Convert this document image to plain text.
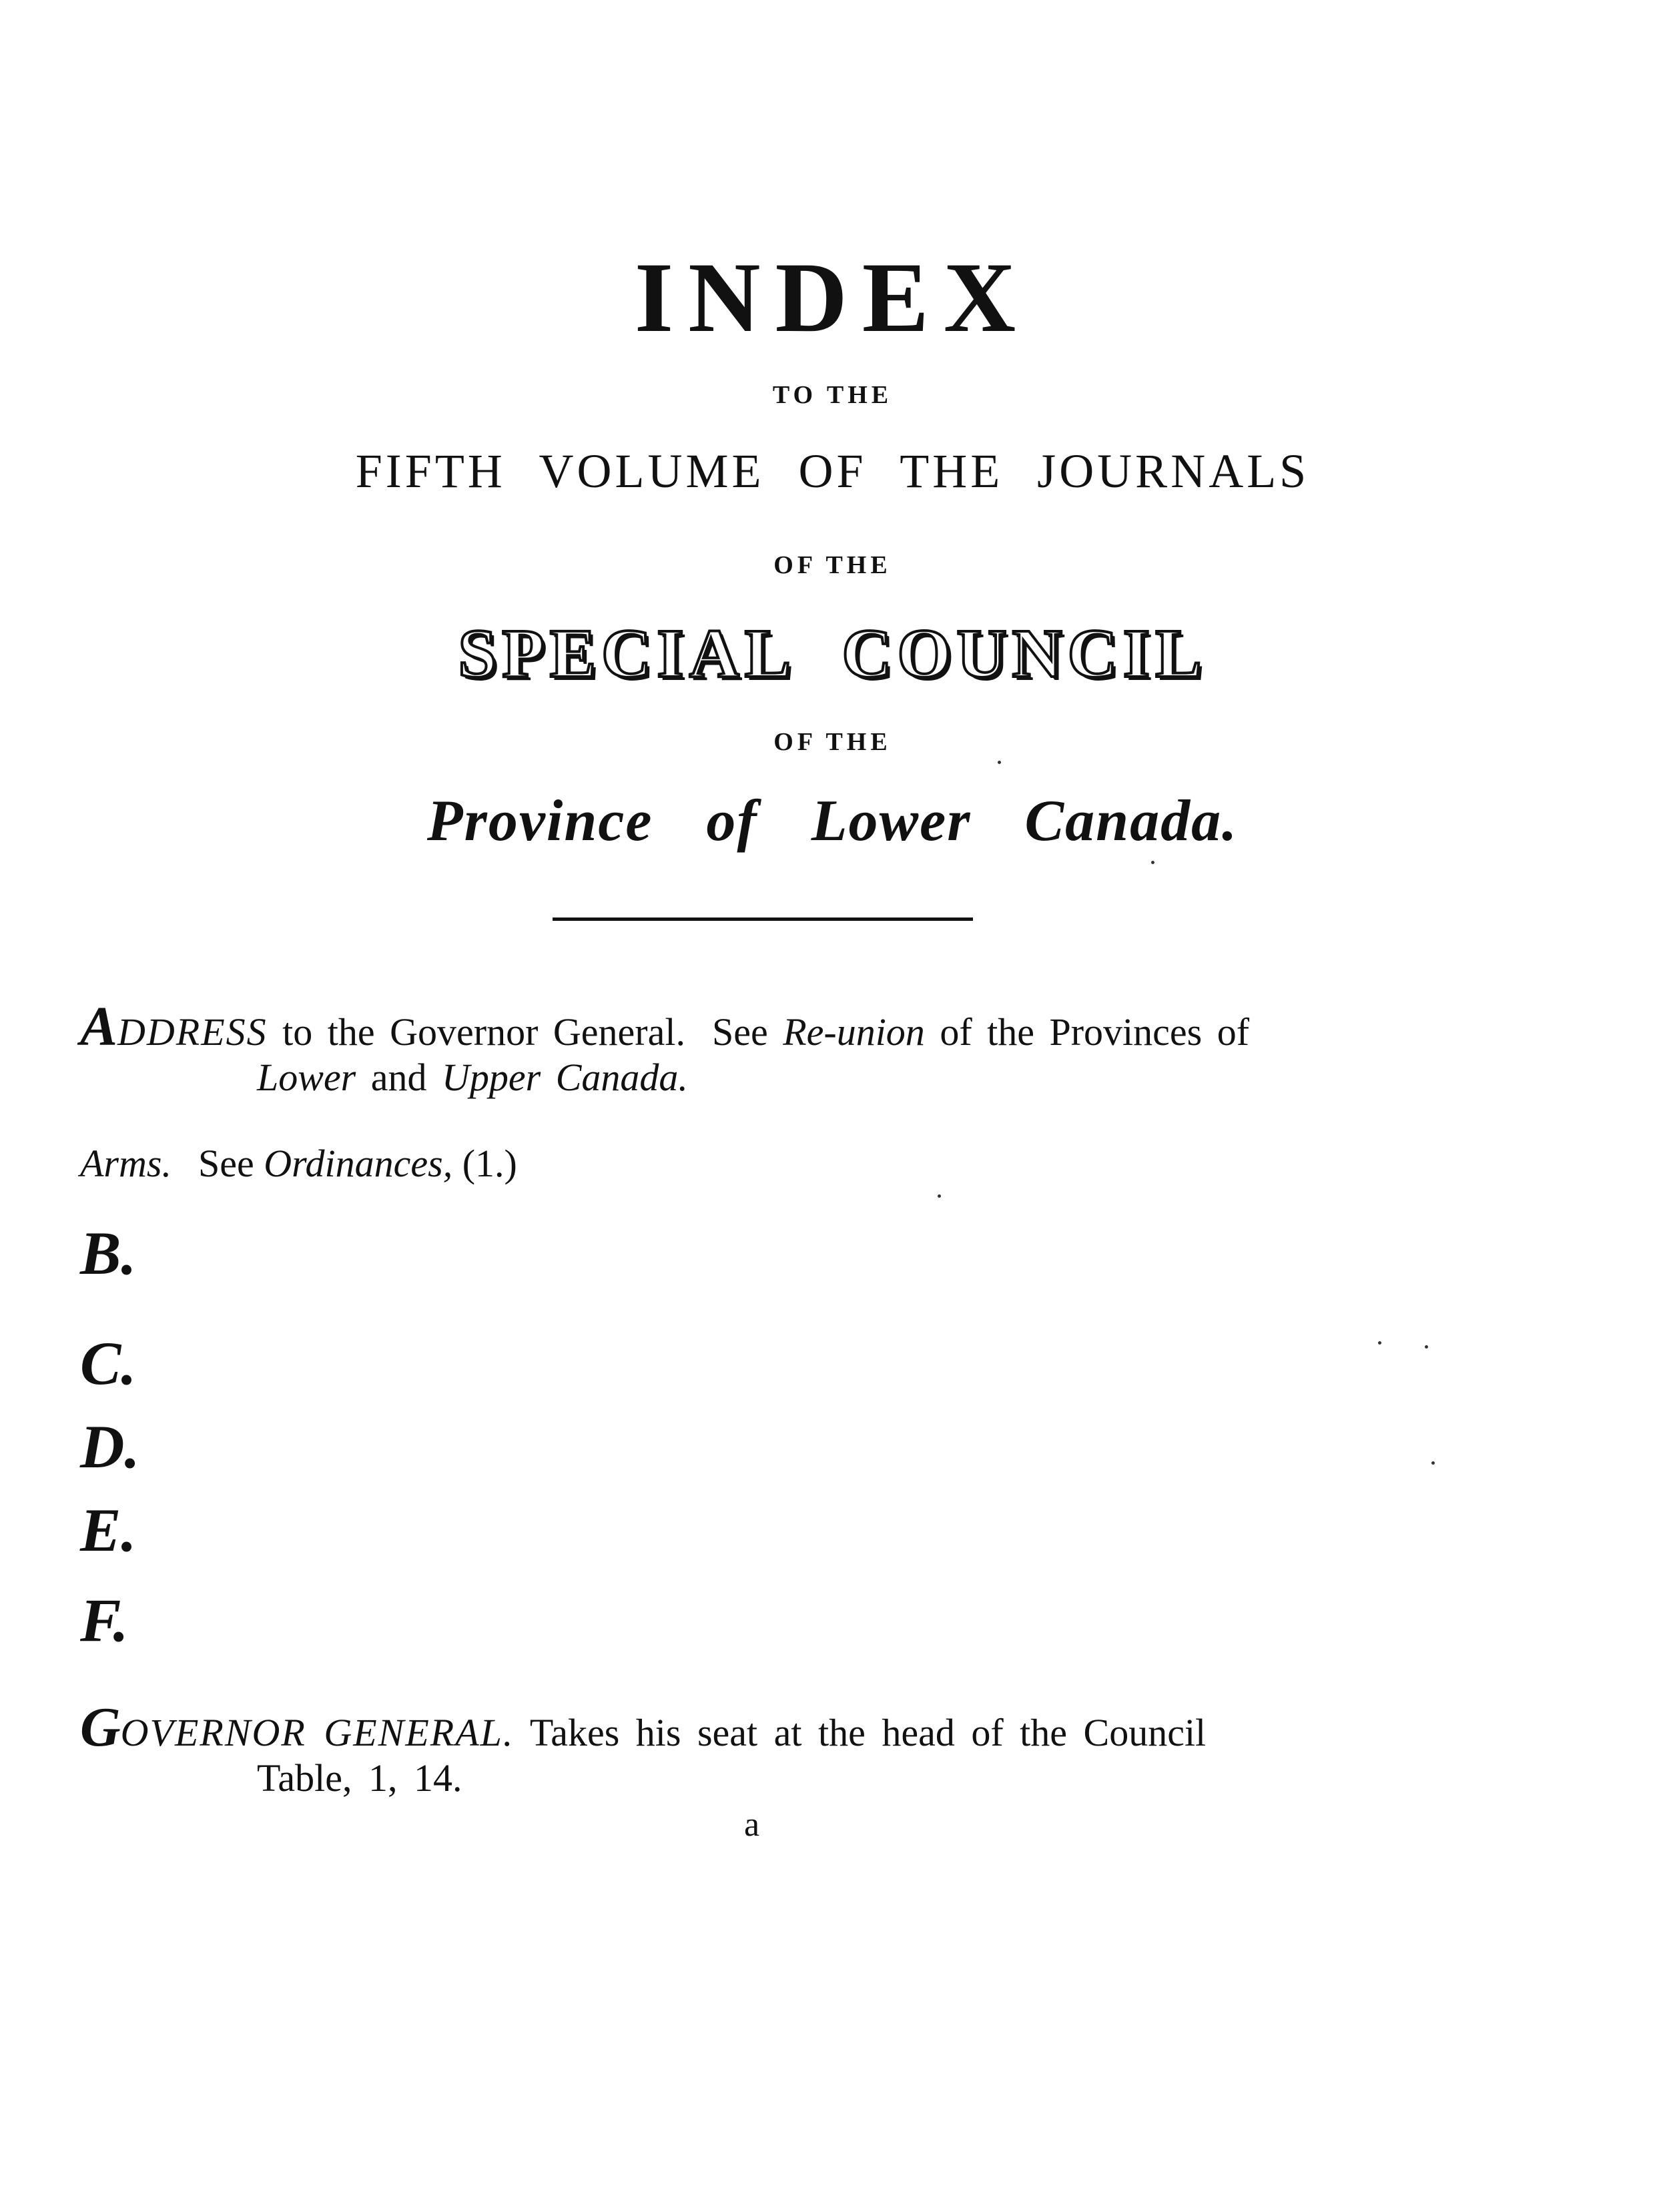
INDEX
TO THE
FIFTH VOLUME OF THE JOURNALS
OF THE
SPECIAL COUNCIL
OF THE
Province of Lower Canada.
ADDRESS to the Governor General. See Re-union of the Provinces of
Lower and Upper Canada.
Arms. See Ordinances, (1.)
B.
C.
D.
E.
F.
GOVERNOR GENERAL. Takes his seat at the head of the Council
Table, 1, 14.
a
